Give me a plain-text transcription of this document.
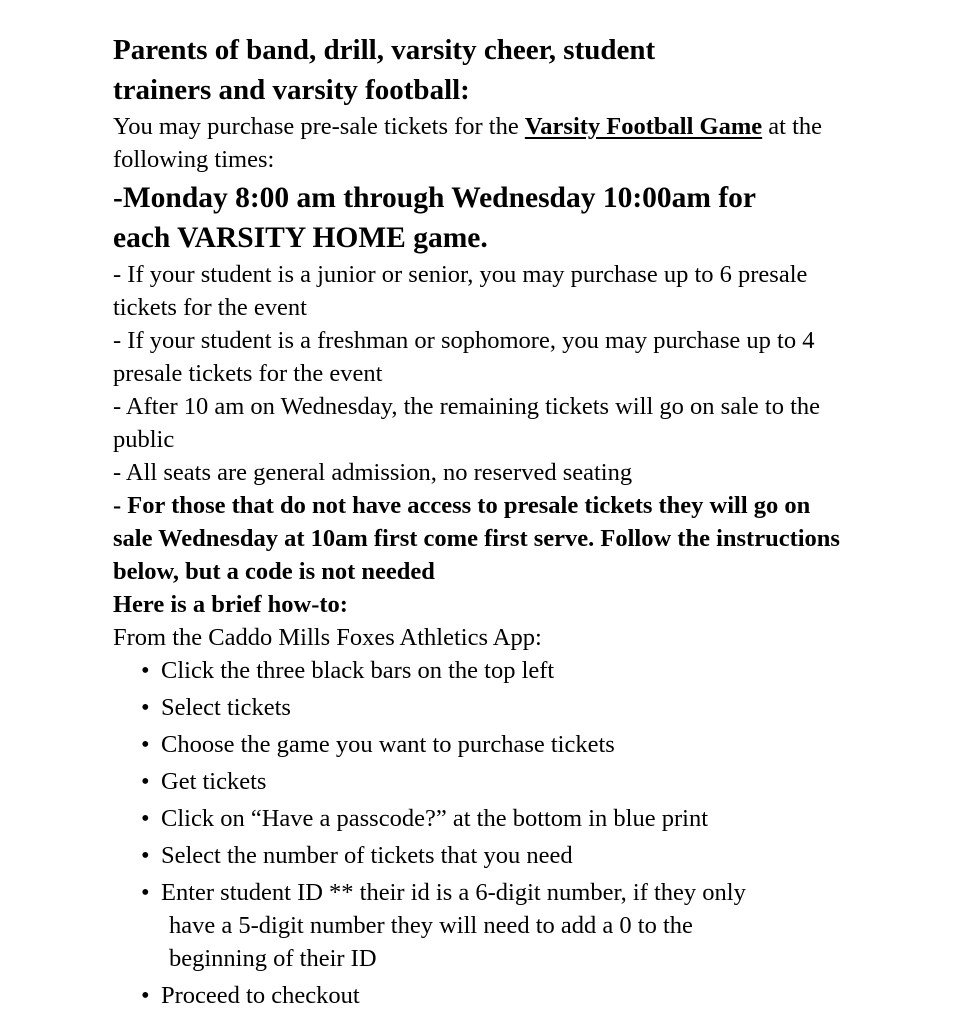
Parents of band, drill, varsity cheer, student
trainers and varsity football:

You may purchase pre-sale tickets for the Varsity Football Game at the following times:

-Monday 8:00 am through Wednesday 10:00am for
each VARSITY HOME game.

- If your student is a junior or senior, you may purchase up to 6 presale tickets for the event

- If your student is a freshman or sophomore, you may purchase up to 4 presale tickets for the event

- After 10 am on Wednesday, the remaining tickets will go on sale to the public

- All seats are general admission, no reserved seating

- For those that do not have access to presale tickets they will go on sale Wednesday at 10am first come first serve. Follow the instructions below, but a code is not needed

Here is a brief how-to:

From the Caddo Mills Foxes Athletics App:

• Click the three black bars on the top left
• Select tickets
• Choose the game you want to purchase tickets
• Get tickets
• Click on “Have a passcode?” at the bottom in blue print
• Select the number of tickets that you need
• Enter student ID ** their id is a 6-digit number, if they only
have a 5-digit number they will need to add a 0 to the
beginning of their ID
• Proceed to checkout
